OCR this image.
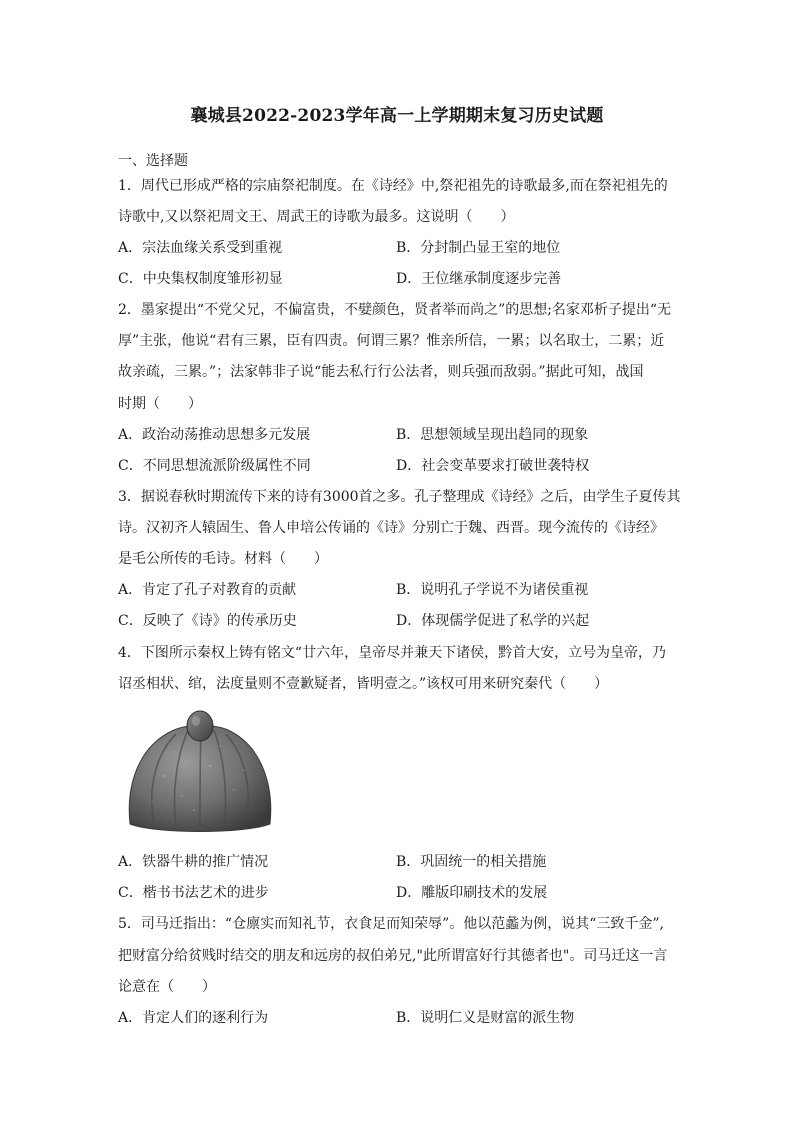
襄城县2022-2023学年高一上学期期末复习历史试题
一、选择题
1．周代已形成严格的宗庙祭祀制度。在《诗经》中,祭祀祖先的诗歌最多,而在祭祀祖先的
诗歌中,又以祭祀周文王、周武王的诗歌为最多。这说明（　　）
A．宗法血缘关系受到重视	B．分封制凸显王室的地位
C．中央集权制度雏形初显	D．王位继承制度逐步完善
2．墨家提出“不党父兄，不偏富贵，不嬖颜色，贤者举而尚之”的思想;名家邓析子提出“无
厚”主张，他说“君有三累，臣有四责。何谓三累？惟亲所信，一累；以名取士，二累；近
故亲疏，三累。”；法家韩非子说“能去私行行公法者，则兵强而敌弱。”据此可知，战国
时期（　　）
A．政治动荡推动思想多元发展	B．思想领域呈现出趋同的现象
C．不同思想流派阶级属性不同	D．社会变革要求打破世袭特权
3．据说春秋时期流传下来的诗有3000首之多。孔子整理成《诗经》之后，由学生子夏传其
诗。汉初齐人辕固生、鲁人申培公传诵的《诗》分别亡于魏、西晋。现今流传的《诗经》
是毛公所传的毛诗。材料（　　）
A．肯定了孔子对教育的贡献	B．说明孔子学说不为诸侯重视
C．反映了《诗》的传承历史	D．体现儒学促进了私学的兴起
4．下图所示秦权上铸有铭文“廿六年，皇帝尽并兼天下诸侯，黔首大安，立号为皇帝，乃
诏丞相状、绾，法度量则不壹歉疑者，皆明壹之。”该权可用来研究秦代（　　）
A．铁器牛耕的推广情况	B．巩固统一的相关措施
C．楷书书法艺术的进步	D．雕版印刷技术的发展
5．司马迁指出：“仓廪实而知礼节，衣食足而知荣辱”。他以范蠡为例，说其“三致千金”,
把财富分给贫贱时结交的朋友和远房的叔伯弟兄,"此所谓富好行其德者也"。司马迁这一言
论意在（　　）
A．肯定人们的逐利行为	B．说明仁义是财富的派生物
